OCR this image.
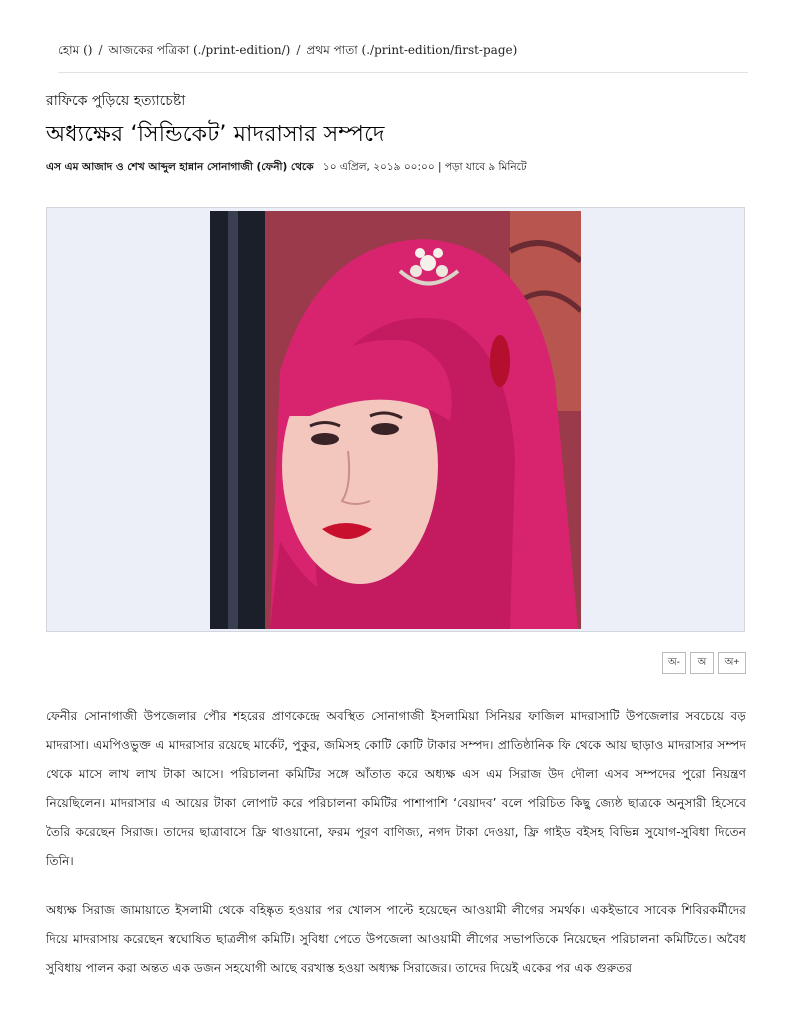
হোম () / আজকের পত্রিকা (./print-edition/) / প্রথম পাতা (./print-edition/first-page)
রাফিকে পুড়িয়ে হত্যাচেষ্টা
অধ্যক্ষের ‘সিন্ডিকেট’ মাদরাসার সম্পদে
এস এম আজাদ ও শেখ আব্দুল হান্নান সোনাগাজী (ফেনী) থেকে ১০ এপ্রিল, ২০১৯ ০০:০০ | পড়া যাবে ৯ মিনিটে
অ-	অ	অ+

ফেনীর সোনাগাজী উপজেলার পৌর শহরের প্রাণকেন্দ্রে অবস্থিত সোনাগাজী ইসলামিয়া সিনিয়র ফাজিল মাদরাসাটি উপজেলার সবচেয়ে বড় মাদরাসা। এমপিওভুক্ত এ মাদরাসার রয়েছে মার্কেট, পুকুর, জমিসহ কোটি কোটি টাকার সম্পদ। প্রাতিষ্ঠানিক ফি থেকে আয় ছাড়াও মাদরাসার সম্পদ থেকে মাসে লাখ লাখ টাকা আসে। পরিচালনা কমিটির সঙ্গে আঁতাত করে অধ্যক্ষ এস এম সিরাজ উদ দৌলা এসব সম্পদের পুরো নিয়ন্ত্রণ নিয়েছিলেন। মাদরাসার এ আয়ের টাকা লোপাট করে পরিচালনা কমিটির পাশাপাশি ‘বেয়াদব’ বলে পরিচিত কিছু জ্যেষ্ঠ ছাত্রকে অনুসারী হিসেবে তৈরি করেছেন সিরাজ। তাদের ছাত্রাবাসে ফ্রি থাওয়ানো, ফরম পূরণ বাণিজ্য, নগদ টাকা দেওয়া, ফ্রি গাইড বইসহ বিভিন্ন সুযোগ-সুবিধা দিতেন তিনি।

অধ্যক্ষ সিরাজ জামায়াতে ইসলামী থেকে বহিষ্কৃত হওয়ার পর খোলস পাল্টে হয়েছেন আওয়ামী লীগের সমর্থক। একইভাবে সাবেক শিবিরকর্মীদের দিয়ে মাদরাসায় করেছেন স্বঘোষিত ছাত্রলীগ কমিটি। সুবিধা পেতে উপজেলা আওয়ামী লীগের সভাপতিকে নিয়েছেন পরিচালনা কমিটিতে। অবৈধ সুবিধায় পালন করা অন্তত এক ডজন সহযোগী আছে বরখাস্ত হওয়া অধ্যক্ষ সিরাজের। তাদের দিয়েই একের পর এক গুরুতর
